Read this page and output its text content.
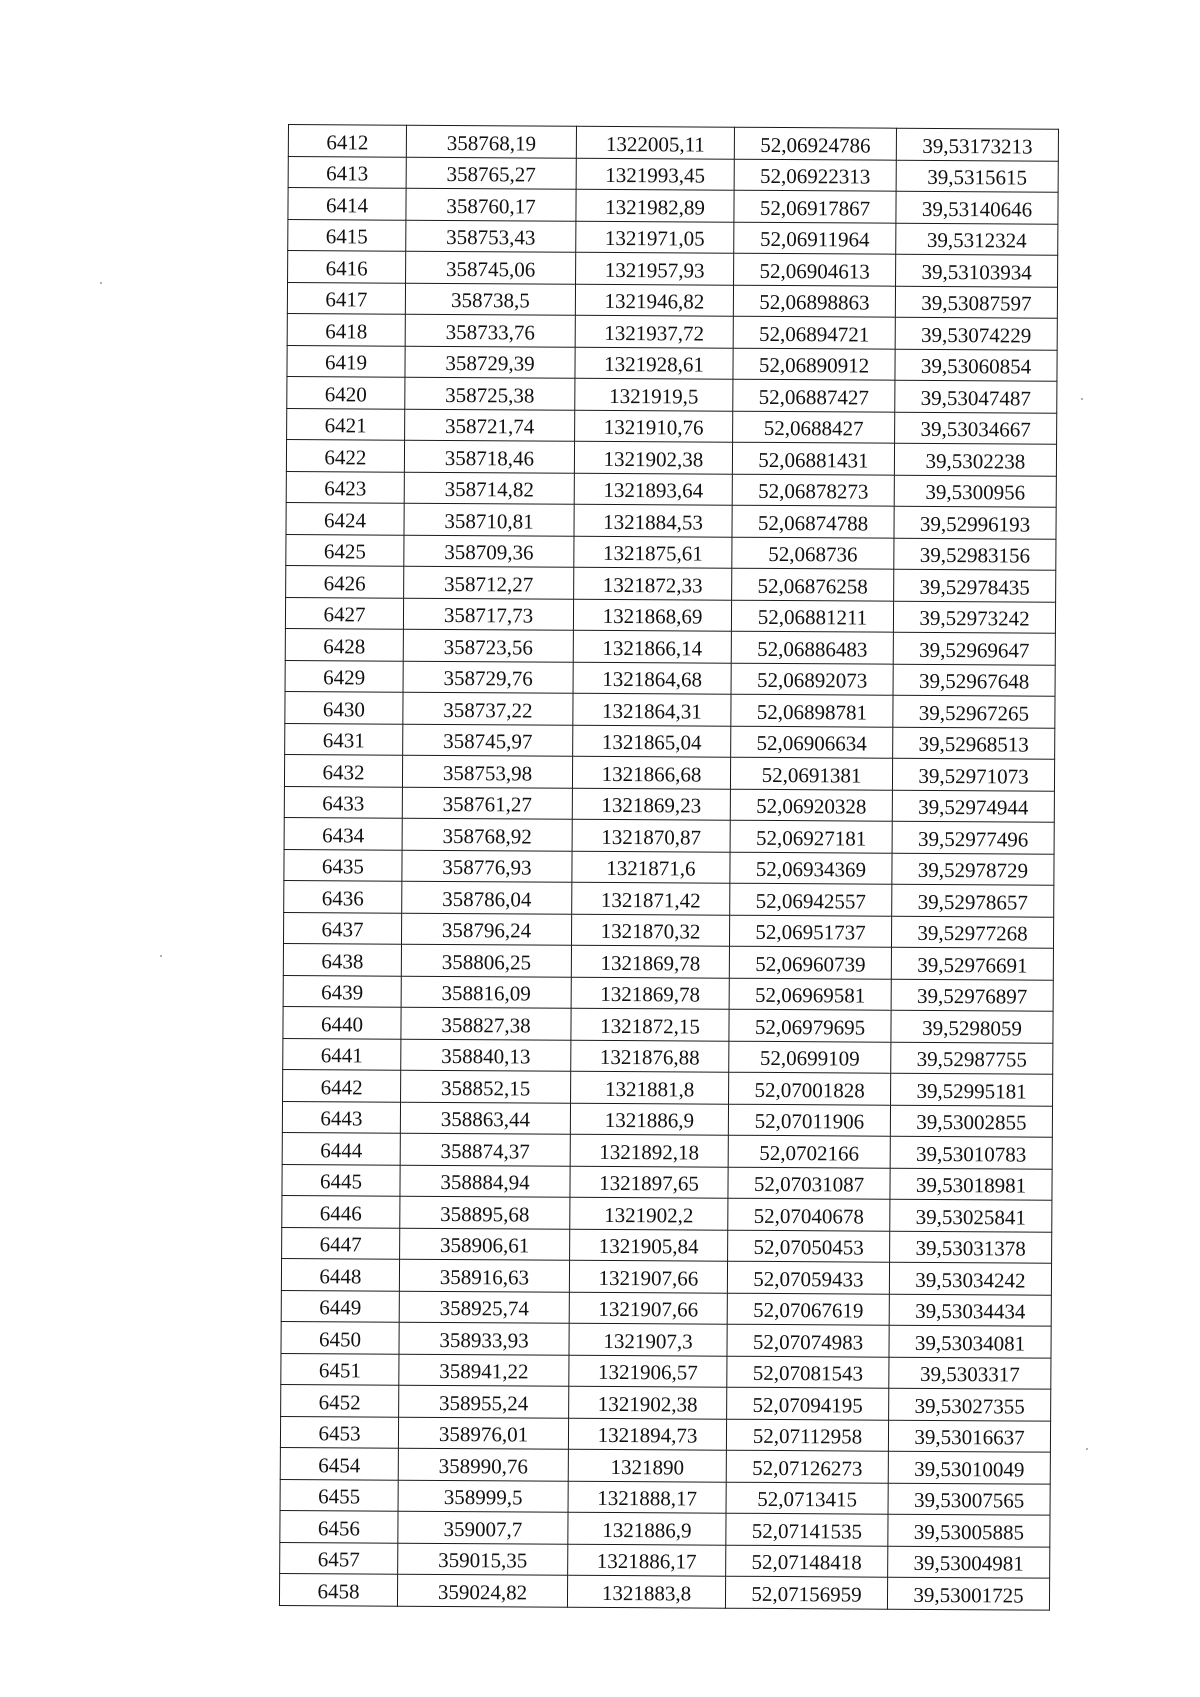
6412	358768,19	1322005,11	52,06924786	39,53173213
6413	358765,27	1321993,45	52,06922313	39,5315615
6414	358760,17	1321982,89	52,06917867	39,53140646
6415	358753,43	1321971,05	52,06911964	39,5312324
6416	358745,06	1321957,93	52,06904613	39,53103934
6417	358738,5	1321946,82	52,06898863	39,53087597
6418	358733,76	1321937,72	52,06894721	39,53074229
6419	358729,39	1321928,61	52,06890912	39,53060854
6420	358725,38	1321919,5	52,06887427	39,53047487
6421	358721,74	1321910,76	52,0688427	39,53034667
6422	358718,46	1321902,38	52,06881431	39,5302238
6423	358714,82	1321893,64	52,06878273	39,5300956
6424	358710,81	1321884,53	52,06874788	39,52996193
6425	358709,36	1321875,61	52,068736	39,52983156
6426	358712,27	1321872,33	52,06876258	39,52978435
6427	358717,73	1321868,69	52,06881211	39,52973242
6428	358723,56	1321866,14	52,06886483	39,52969647
6429	358729,76	1321864,68	52,06892073	39,52967648
6430	358737,22	1321864,31	52,06898781	39,52967265
6431	358745,97	1321865,04	52,06906634	39,52968513
6432	358753,98	1321866,68	52,0691381	39,52971073
6433	358761,27	1321869,23	52,06920328	39,52974944
6434	358768,92	1321870,87	52,06927181	39,52977496
6435	358776,93	1321871,6	52,06934369	39,52978729
6436	358786,04	1321871,42	52,06942557	39,52978657
6437	358796,24	1321870,32	52,06951737	39,52977268
6438	358806,25	1321869,78	52,06960739	39,52976691
6439	358816,09	1321869,78	52,06969581	39,52976897
6440	358827,38	1321872,15	52,06979695	39,5298059
6441	358840,13	1321876,88	52,0699109	39,52987755
6442	358852,15	1321881,8	52,07001828	39,52995181
6443	358863,44	1321886,9	52,07011906	39,53002855
6444	358874,37	1321892,18	52,0702166	39,53010783
6445	358884,94	1321897,65	52,07031087	39,53018981
6446	358895,68	1321902,2	52,07040678	39,53025841
6447	358906,61	1321905,84	52,07050453	39,53031378
6448	358916,63	1321907,66	52,07059433	39,53034242
6449	358925,74	1321907,66	52,07067619	39,53034434
6450	358933,93	1321907,3	52,07074983	39,53034081
6451	358941,22	1321906,57	52,07081543	39,5303317
6452	358955,24	1321902,38	52,07094195	39,53027355
6453	358976,01	1321894,73	52,07112958	39,53016637
6454	358990,76	1321890	52,07126273	39,53010049
6455	358999,5	1321888,17	52,0713415	39,53007565
6456	359007,7	1321886,9	52,07141535	39,53005885
6457	359015,35	1321886,17	52,07148418	39,53004981
6458	359024,82	1321883,8	52,07156959	39,53001725
